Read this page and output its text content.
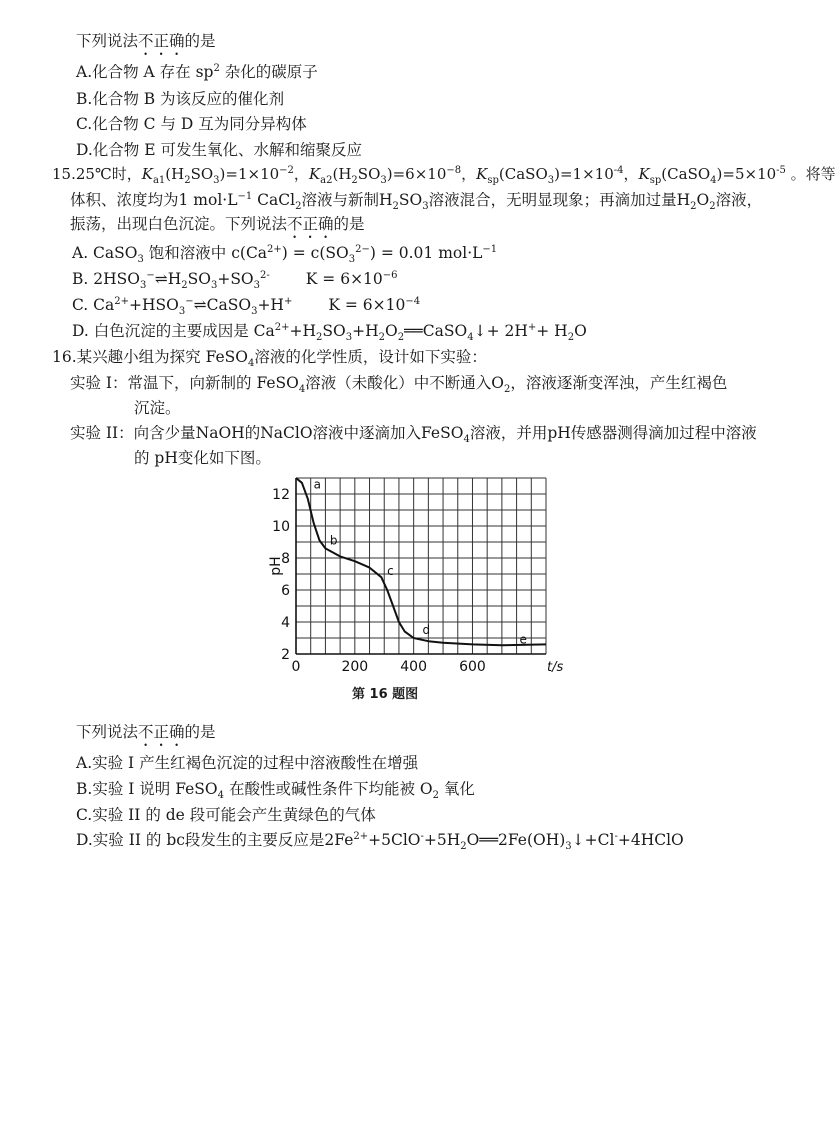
下列说法不正确的是
A.化合物 A 存在 $sp^2$ 杂化的碳原子
B.化合物 B 为该反应的催化剂
C.化合物 C 与 D 互为同分异构体
D.化合物 E 可发生氧化、水解和缩聚反应
15.25℃时，$K_{a1}(H_2SO_3)=1\times 10^{-2}$，$K_{a2}(H_2SO_3)=6\times 10^{-8}$，$K_{sp}(CaSO_3)=1\times 10^{-4}$，$K_{sp}(CaSO_4)=5\times 10^{-5}$ 。将等
体积、浓度均为1 $mol\cdot L^{-1}$ CaCl$_2$溶液与新制$H_2SO_3$溶液混合，无明显现象；再滴加过量$H_2O_2$溶液，
振荡，出现白色沉淀。下列说法不正确的是
A. CaSO$_3$ 饱和溶液中 $c(Ca^{2+}) = c(SO_3^{2-}) = 0.01$ $mol\cdot L^{-1}$
B. $2HSO_3^-\rightleftharpoons H_2SO_3+SO_3^{2-}$ $K = 6\times 10^{-6}$
C. $Ca^{2+}+HSO_3^-\rightleftharpoons CaSO_3+H^+$ $K = 6\times 10^{-4}$
D. 白色沉淀的主要成因是 $Ca^{2+}+H_2SO_3+H_2O_2══CaSO_4↓+ 2H^++ H_2O$
16.某兴趣小组为探究 FeSO$_4$溶液的化学性质，设计如下实验：
实验 I：常温下，向新制的 FeSO$_4$溶液（未酸化）中不断通入$O_2$，溶液逐渐变浑浊，产生红褐色
沉淀。
实验 II：向含少量NaOH的NaClO溶液中逐滴加入FeSO$_4$溶液，并用pH传感器测得滴加过程中溶液
的 pH变化如下图。
2
4
6
8
10
12
0	200 400 600	t/s
pH
a
b
c
d
e
第 16 题图
下列说法不正确的是
A.实验 I 产生红褐色沉淀的过程中溶液酸性在增强
B.实验 I 说明 FeSO$_4$ 在酸性或碱性条件下均能被 $O_2$ 氧化
C.实验 II 的 de 段可能会产生黄绿色的气体
D.实验 II 的 bc段发生的主要反应是$2Fe^{2+}+5ClO^-+5H_2O══2Fe(OH)_3↓+Cl^-+4HClO$
